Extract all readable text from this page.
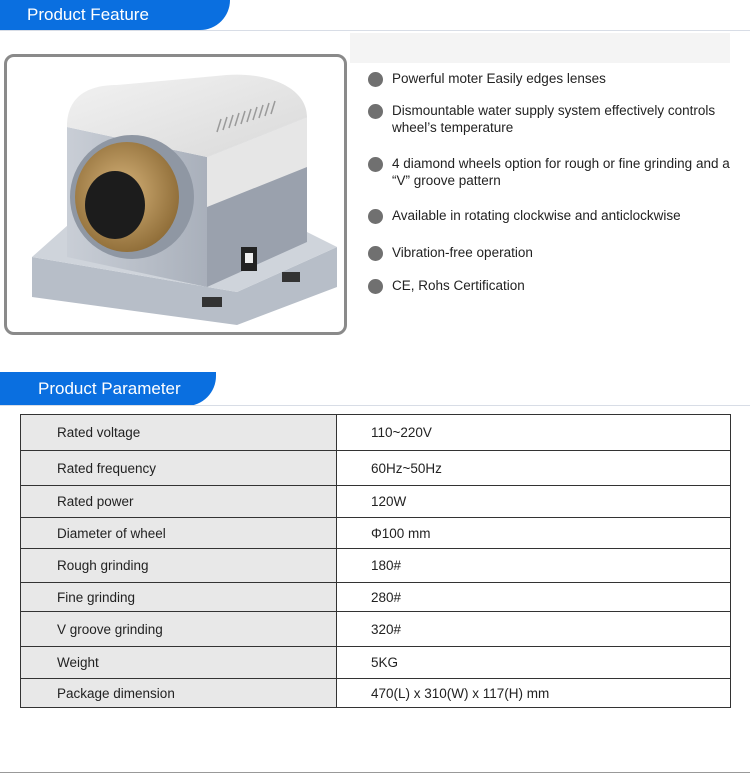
Product Feature
Powerful moter Easily edges lenses
Dismountable water supply system effectively controls wheel’s temperature
4 diamond wheels option for rough or fine grinding and a “V” groove pattern
Available in rotating clockwise and anticlockwise
Vibration-free operation
CE, Rohs Certification
Product Parameter
Rated voltage	110~220V
Rated frequency	60Hz~50Hz
Rated power	120W
Diameter of wheel	Φ100 mm
Rough grinding	180#
Fine grinding	280#
V groove grinding	320#
Weight	5KG
Package dimension	470(L) x 310(W) x 117(H) mm
